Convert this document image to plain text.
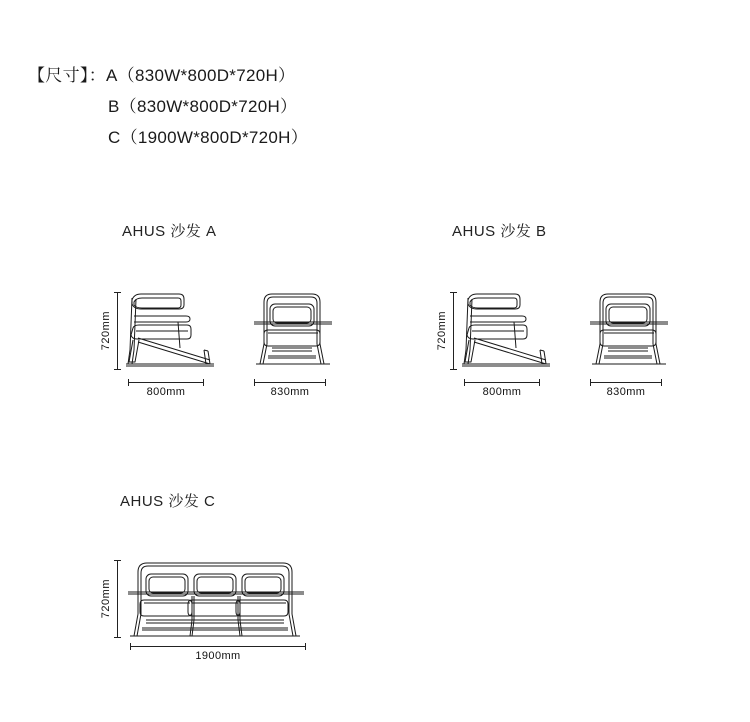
【尺寸】：A（830W*800D*720H）
B（830W*800D*720H）
C（1900W*800D*720H）
AHUS 沙发 A
720mm
800mm	830mm
AHUS 沙发 B
720mm
800mm	830mm
AHUS 沙发 C
720mm
1900mm
